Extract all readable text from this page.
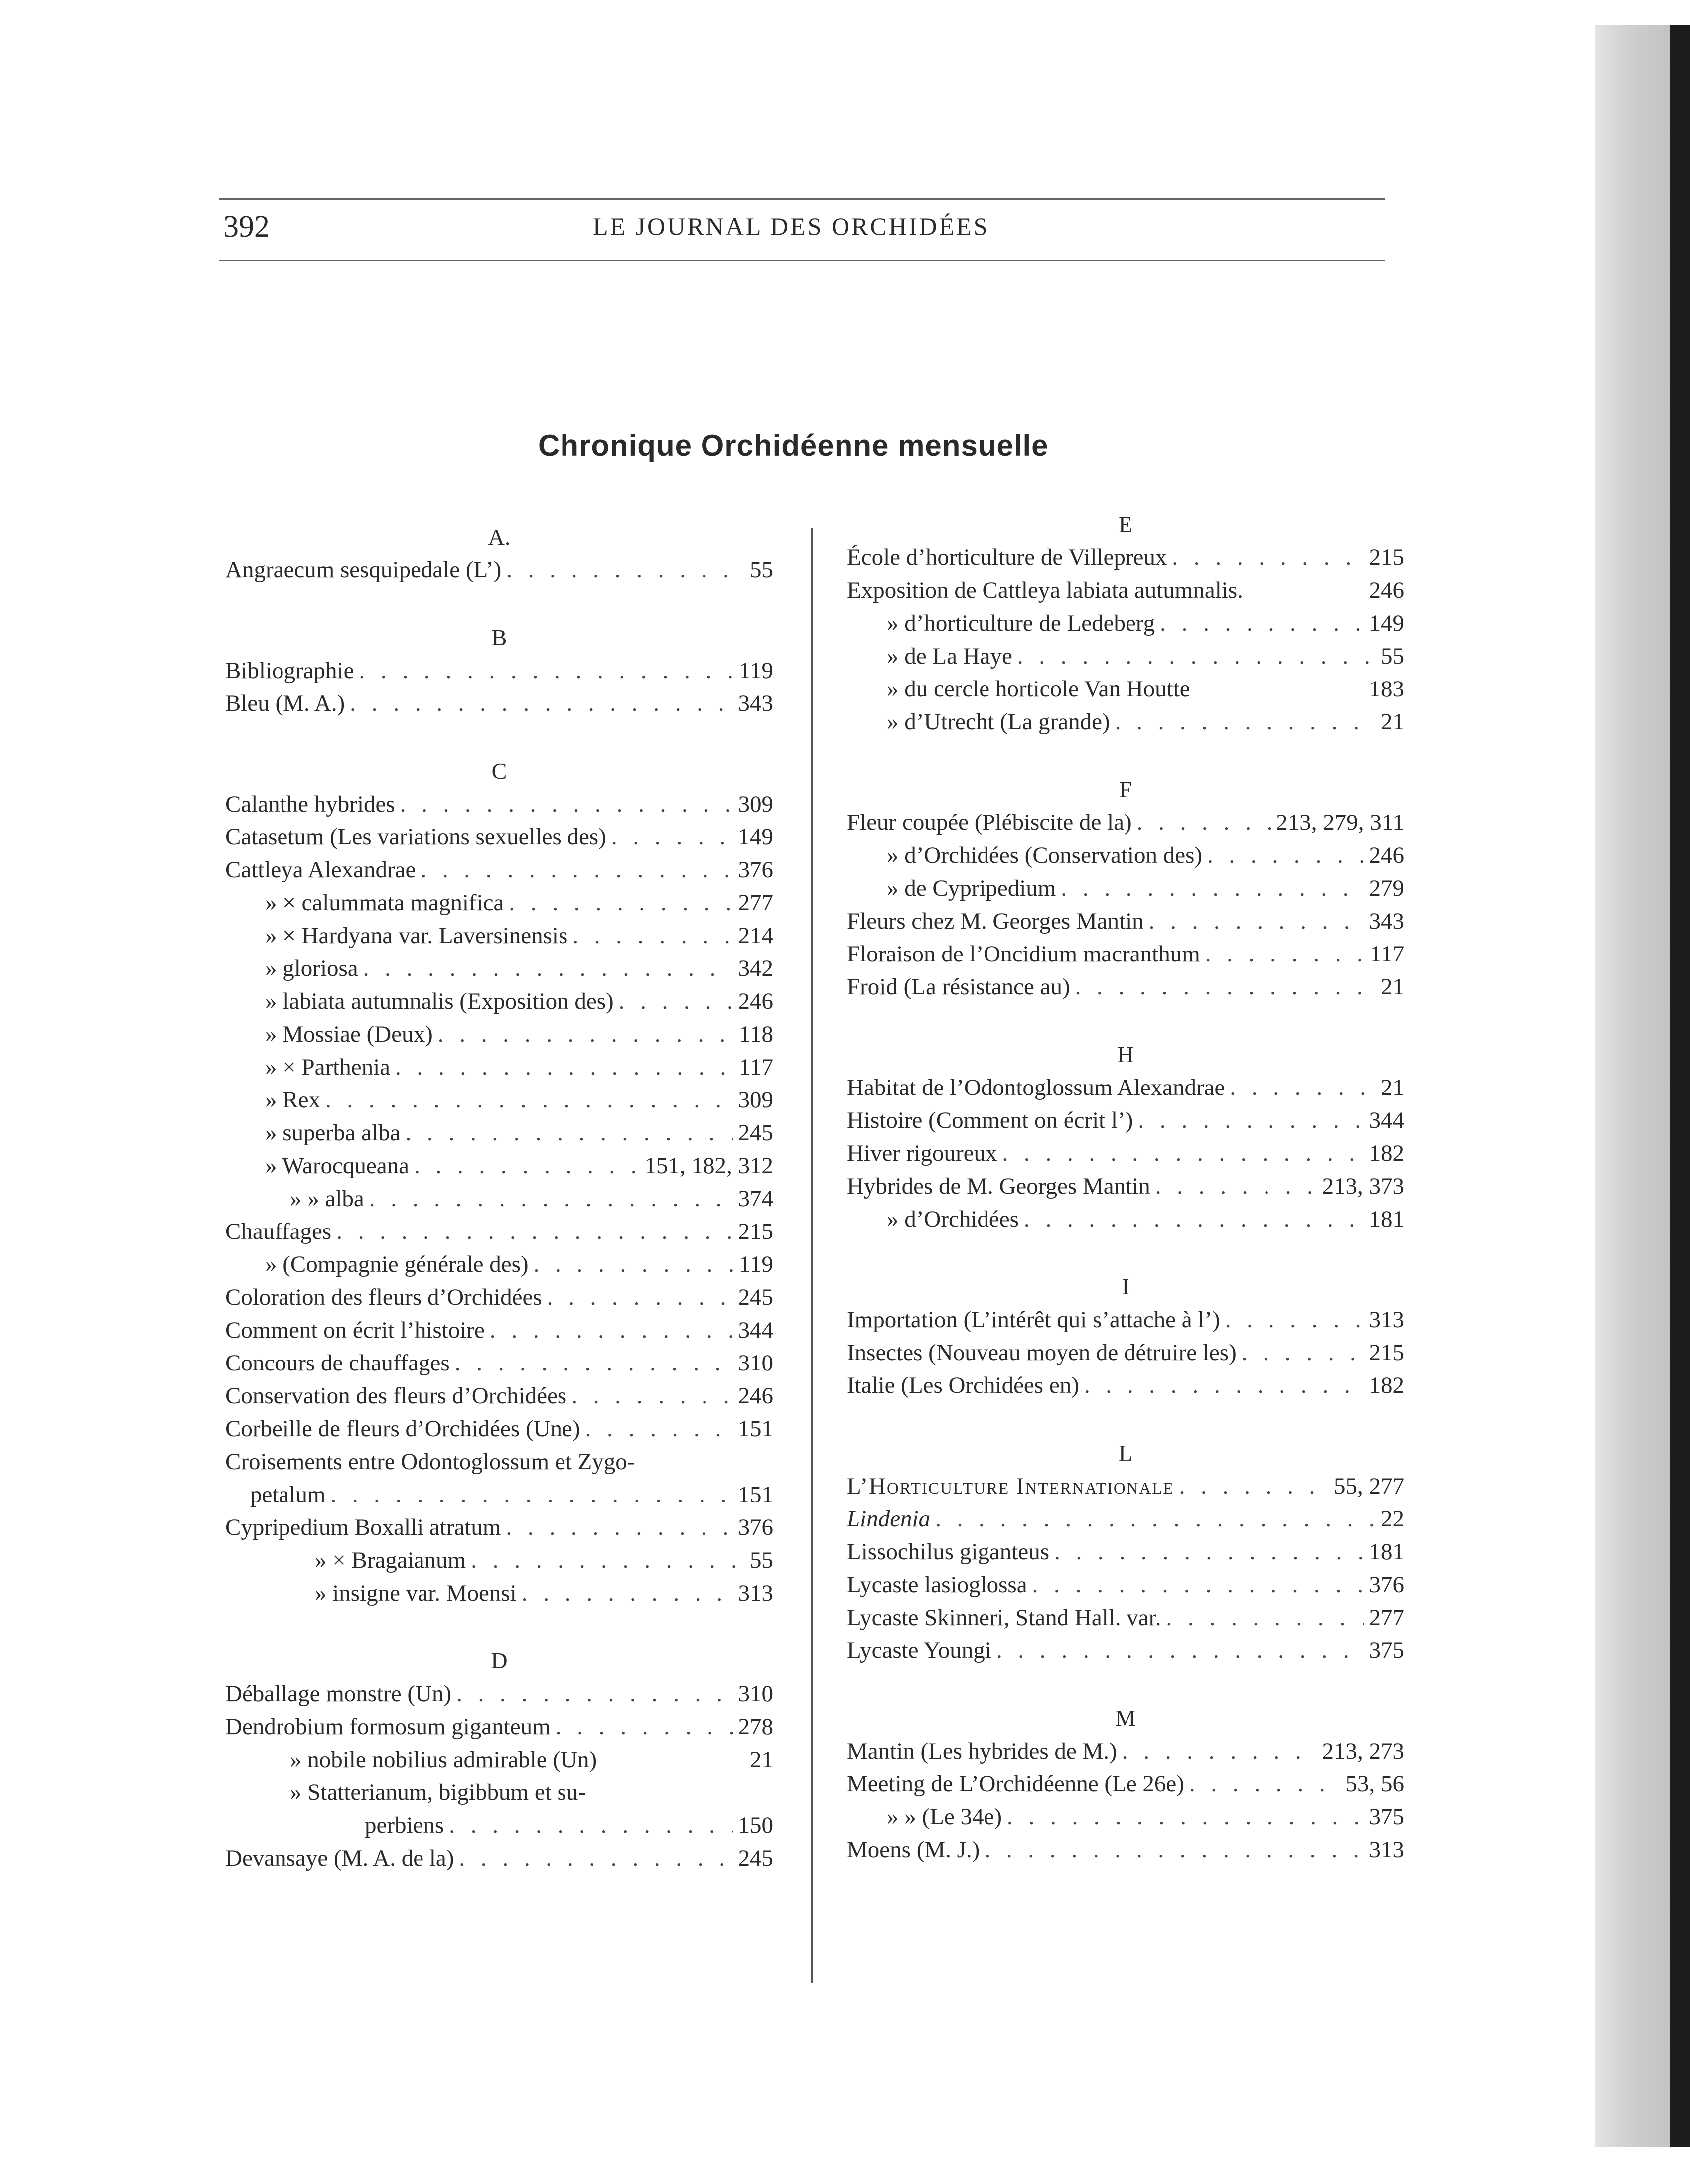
392	LE JOURNAL DES ORCHIDÉES
Chronique Orchidéenne mensuelle
A.
Angraecum sesquipedale (L’) . . .	55
B
Bibliographie . . .	119
Bleu (M. A.) . . .	343
C
Calanthe hybrides . . .	309
Catasetum (Les variations sexuelles des) . . .	149
Cattleya Alexandrae . . .	376
» × calummata magnifica . . .	277
» × Hardyana var. Laversinensis . . .	214
» gloriosa . . .	342
» labiata autumnalis (Exposition des) . . .	246
» Mossiae (Deux) . . .	118
» × Parthenia . . .	117
» Rex . . .	309
» superba alba . . .	245
» Warocqueana . . .	151, 182, 312
» » alba . . .	374
Chauffages . . .	215
» (Compagnie générale des) . . .	119
Coloration des fleurs d’Orchidées . . .	245
Comment on écrit l’histoire . . .	344
Concours de chauffages . . .	310
Conservation des fleurs d’Orchidées . . .	246
Corbeille de fleurs d’Orchidées (Une) . . .	151
Croisements entre Odontoglossum et Zygo-
petalum . . .	151
Cypripedium Boxalli atratum . . .	376
» × Bragaianum . . .	55
» insigne var. Moensi . . .	313
D
Déballage monstre (Un) . . .	310
Dendrobium formosum giganteum . . .	278
» nobile nobilius admirable (Un)	21
» Statterianum, bigibbum et su-
perbiens . . .	150
Devansaye (M. A. de la) . . .	245
E
École d’horticulture de Villepreux . . .	215
Exposition de Cattleya labiata autumnalis.	246
» d’horticulture de Ledeberg . . .	149
» de La Haye . . .	55
» du cercle horticole Van Houtte	183
» d’Utrecht (La grande) . . .	21
F
Fleur coupée (Plébiscite de la) . . .	213, 279, 311
» d’Orchidées (Conservation des) . . .	246
» de Cypripedium . . .	279
Fleurs chez M. Georges Mantin . . .	343
Floraison de l’Oncidium macranthum . . .	117
Froid (La résistance au) . . .	21
H
Habitat de l’Odontoglossum Alexandrae . . .	21
Histoire (Comment on écrit l’) . . .	344
Hiver rigoureux . . .	182
Hybrides de M. Georges Mantin . . .	213, 373
» d’Orchidées . . .	181
I
Importation (L’intérêt qui s’attache à l’) . . .	313
Insectes (Nouveau moyen de détruire les) . . .	215
Italie (Les Orchidées en) . . .	182
L
L’Horticulture Internationale . . .	55, 277
Lindenia . . .	22
Lissochilus giganteus . . .	181
Lycaste lasioglossa . . .	376
Lycaste Skinneri, Stand Hall. var. . . .	277
Lycaste Youngi . . .	375
M
Mantin (Les hybrides de M.) . . .	213, 273
Meeting de L’Orchidéenne (Le 26e) . . .	53, 56
» » (Le 34e) . . .	375
Moens (M. J.) . . .	313
